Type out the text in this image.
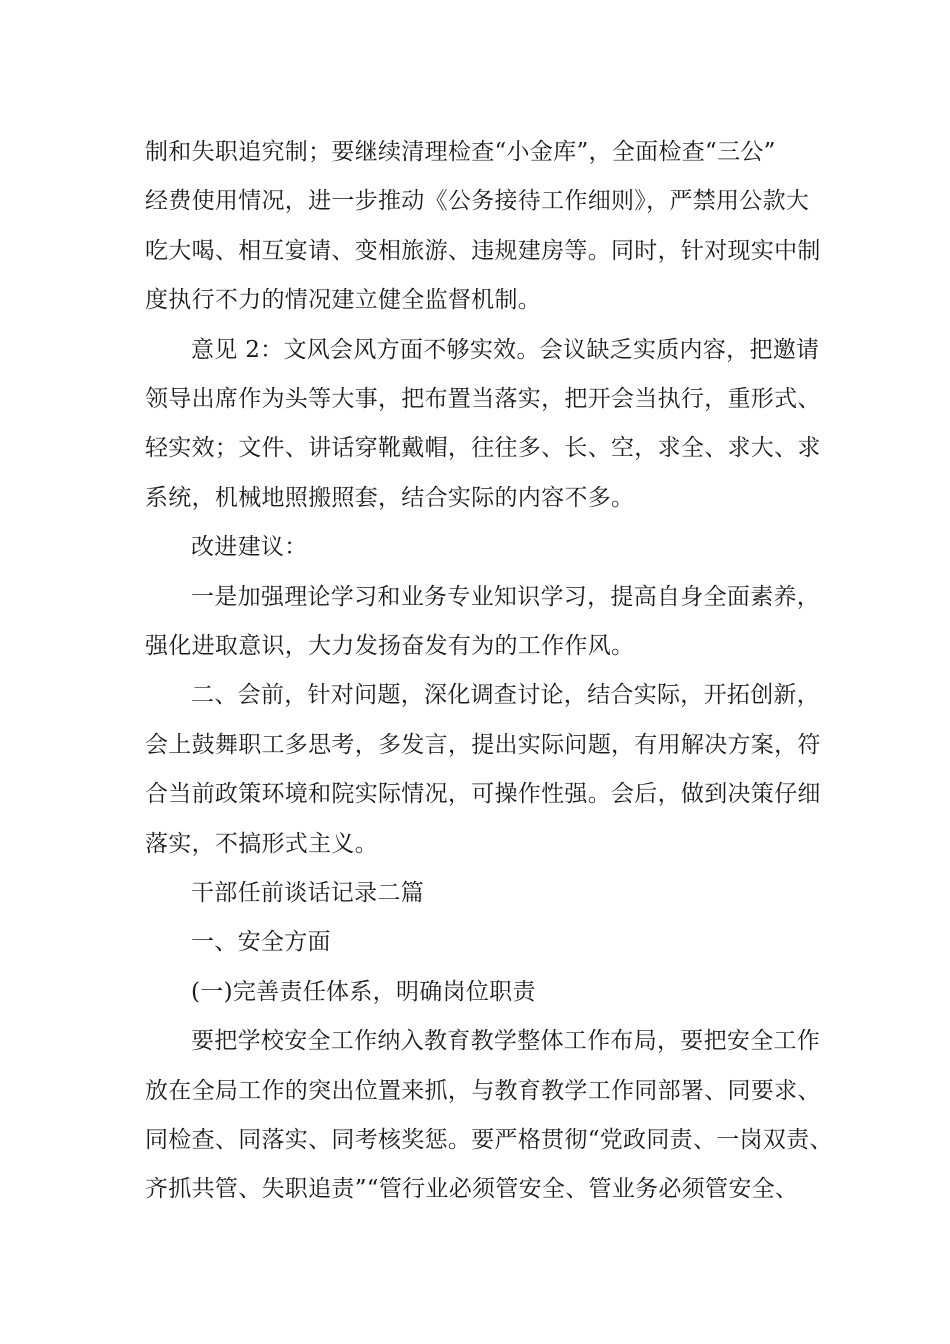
制和失职追究制；要继续清理检查“小金库”，全面检查“三公”
经费使用情况，进一步推动《公务接待工作细则》，严禁用公款大
吃大喝、相互宴请、变相旅游、违规建房等。同时，针对现实中制
度执行不力的情况建立健全监督机制。
意见 2：文风会风方面不够实效。会议缺乏实质内容，把邀请
领导出席作为头等大事，把布置当落实，把开会当执行，重形式、
轻实效；文件、讲话穿靴戴帽，往往多、长、空，求全、求大、求
系统，机械地照搬照套，结合实际的内容不多。
改进建议：
一是加强理论学习和业务专业知识学习，提高自身全面素养，
强化进取意识，大力发扬奋发有为的工作作风。
二、会前，针对问题，深化调查讨论，结合实际，开拓创新，
会上鼓舞职工多思考，多发言，提出实际问题，有用解决方案，符
合当前政策环境和院实际情况，可操作性强。会后，做到决策仔细
落实，不搞形式主义。
干部任前谈话记录二篇
一、安全方面
(一)完善责任体系，明确岗位职责
要把学校安全工作纳入教育教学整体工作布局，要把安全工作
放在全局工作的突出位置来抓，与教育教学工作同部署、同要求、
同检查、同落实、同考核奖惩。要严格贯彻“党政同责、一岗双责、
齐抓共管、失职追责”“管行业必须管安全、管业务必须管安全、
